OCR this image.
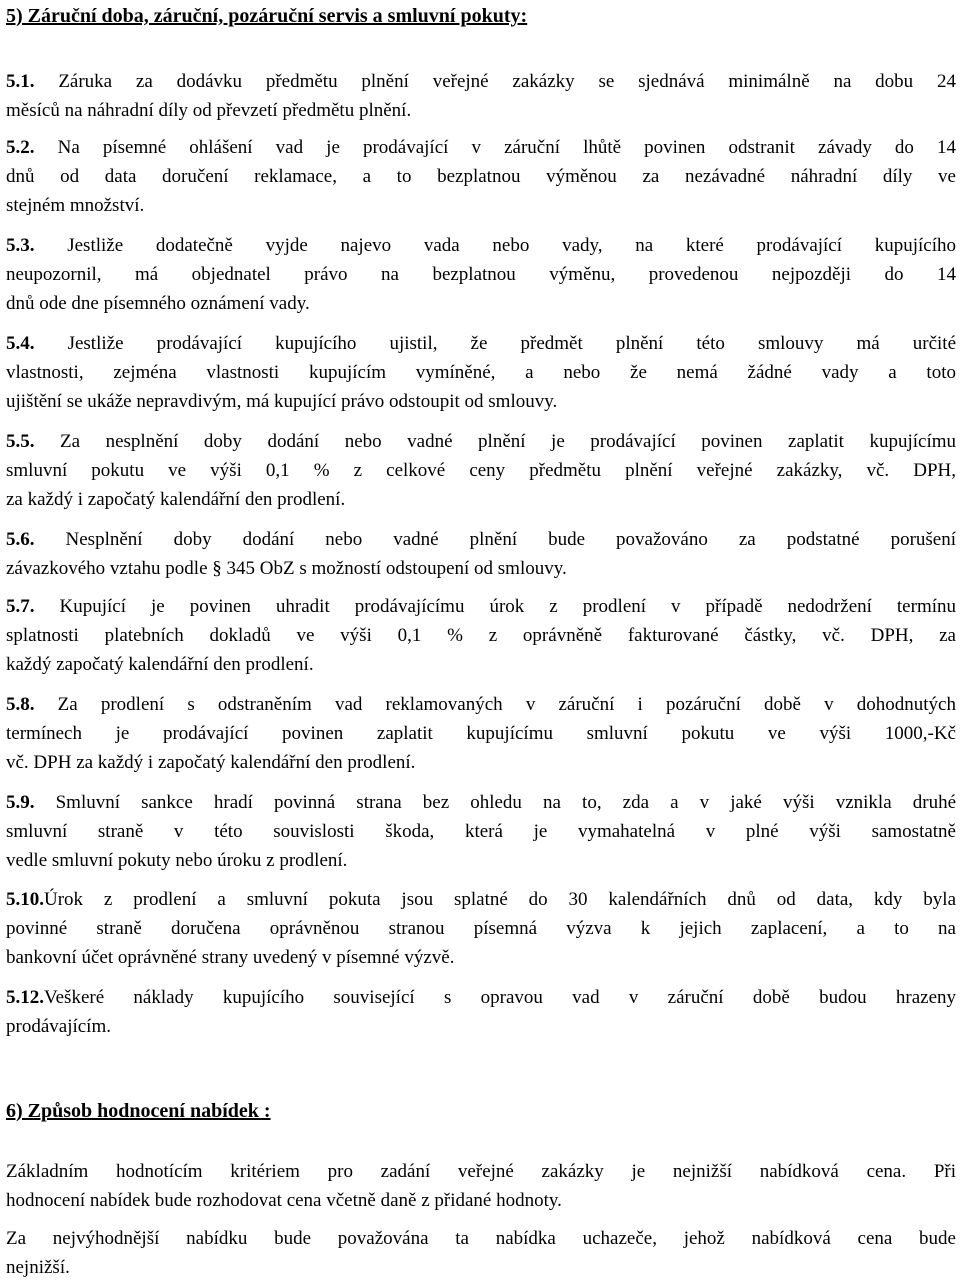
5) Záruční doba, záruční, pozáruční servis a smluvní pokuty:
5.1. Záruka za dodávku předmětu plnění veřejné zakázky se sjednává minimálně na dobu 24
měsíců na náhradní díly od převzetí předmětu plnění.
5.2. Na písemné ohlášení vad je prodávající v záruční lhůtě povinen odstranit závady do 14
dnů od data doručení reklamace, a to bezplatnou výměnou za nezávadné náhradní díly ve
stejném množství.
5.3. Jestliže dodatečně vyjde najevo vada nebo vady, na které prodávající kupujícího
neupozornil, má objednatel právo na bezplatnou výměnu, provedenou nejpozději do 14
dnů ode dne písemného oznámení vady.
5.4. Jestliže prodávající kupujícího ujistil, že předmět plnění této smlouvy má určité
vlastnosti, zejména vlastnosti kupujícím vymíněné, a nebo že nemá žádné vady a toto
ujištění se ukáže nepravdivým, má kupující právo odstoupit od smlouvy.
5.5. Za nesplnění doby dodání nebo vadné plnění je prodávající povinen zaplatit kupujícímu
smluvní pokutu ve výši 0,1 % z celkové ceny předmětu plnění veřejné zakázky, vč. DPH,
za každý i započatý kalendářní den prodlení.
5.6. Nesplnění doby dodání nebo vadné plnění bude považováno za podstatné porušení
závazkového vztahu podle § 345 ObZ s možností odstoupení od smlouvy.
5.7. Kupující je povinen uhradit prodávajícímu úrok z prodlení v případě nedodržení termínu
splatnosti platebních dokladů ve výši 0,1 % z oprávněně fakturované částky, vč. DPH, za
každý započatý kalendářní den prodlení.
5.8. Za prodlení s odstraněním vad reklamovaných v záruční i pozáruční době v dohodnutých
termínech je prodávající povinen zaplatit kupujícímu smluvní pokutu ve výši 1000,-Kč
vč. DPH za každý i započatý kalendářní den prodlení.
5.9. Smluvní sankce hradí povinná strana bez ohledu na to, zda a v jaké výši vznikla druhé
smluvní straně v této souvislosti škoda, která je vymahatelná v plné výši samostatně
vedle smluvní pokuty nebo úroku z prodlení.
5.10.Úrok z prodlení a smluvní pokuta jsou splatné do 30 kalendářních dnů od data, kdy byla
povinné straně doručena oprávněnou stranou písemná výzva k jejich zaplacení, a to na
bankovní účet oprávněné strany uvedený v písemné výzvě.
5.12.Veškeré náklady kupujícího související s opravou vad v záruční době budou hrazeny
prodávajícím.
6) Způsob hodnocení nabídek :
Základním hodnotícím kritériem pro zadání veřejné zakázky je nejnižší nabídková cena. Při
hodnocení nabídek bude rozhodovat cena včetně daně z přidané hodnoty.
Za nejvýhodnější nabídku bude považována ta nabídka uchazeče, jehož nabídková cena bude
nejnižší.
